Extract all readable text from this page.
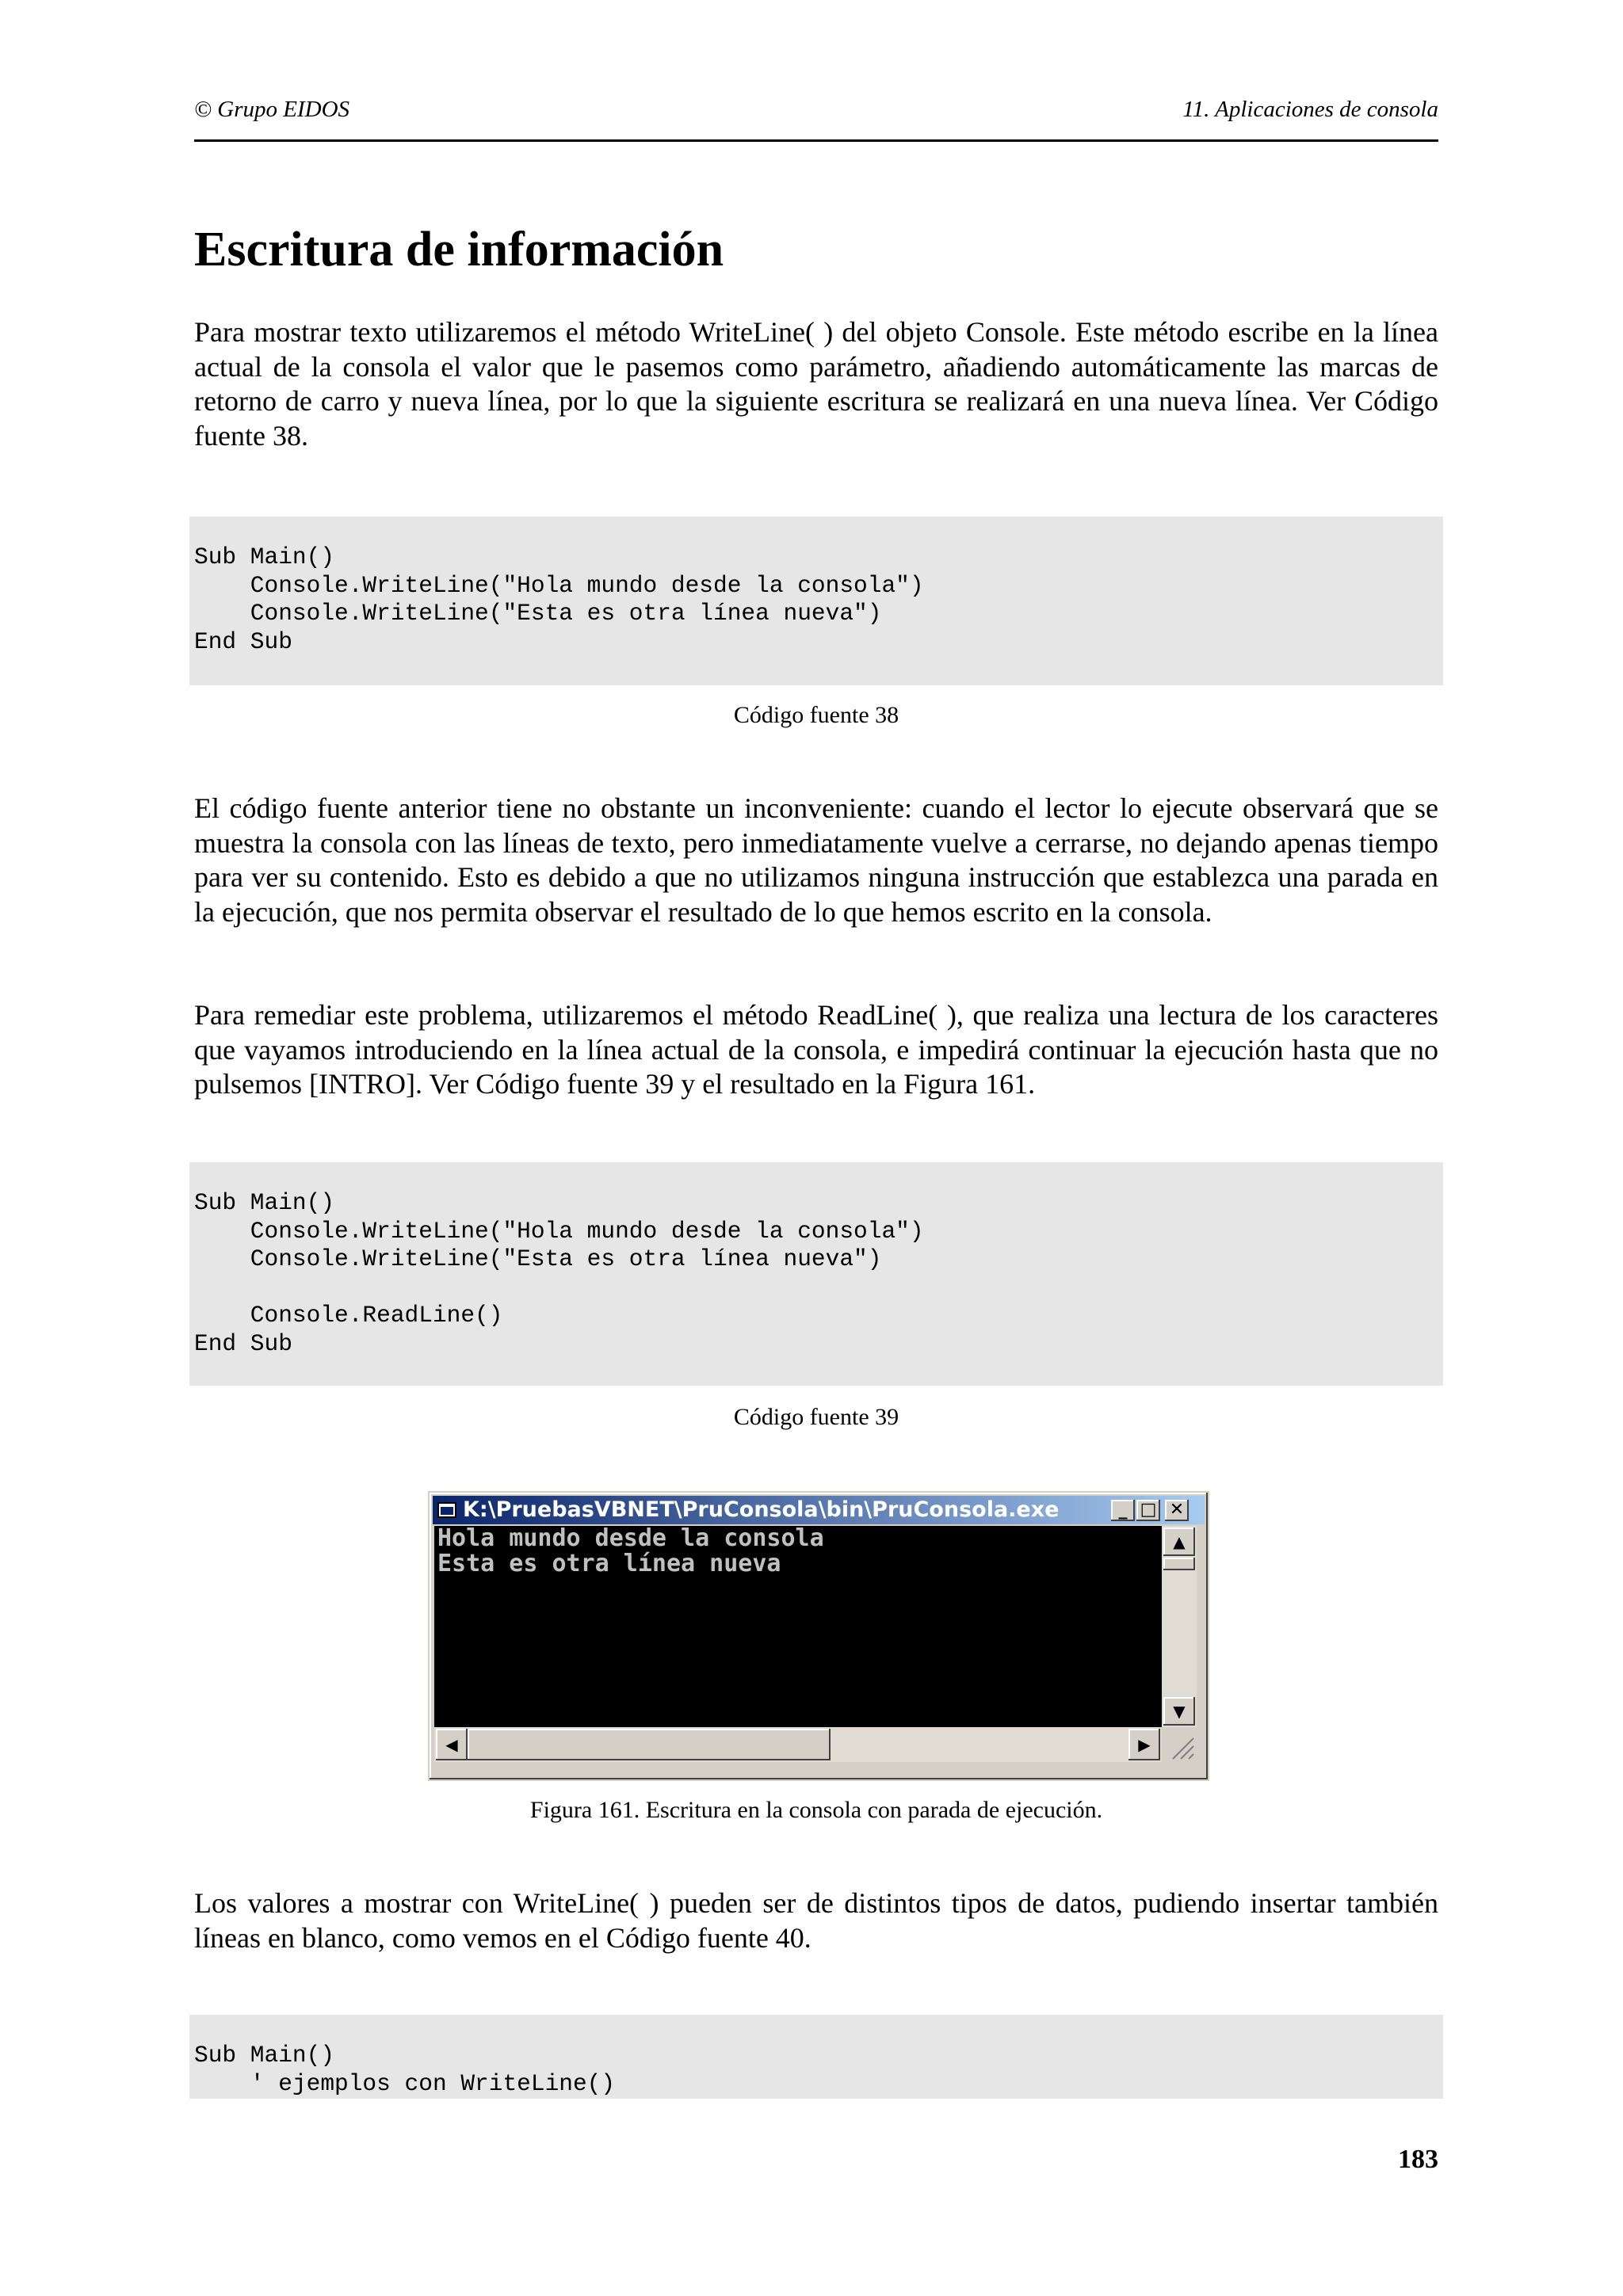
© Grupo EIDOS	11. Aplicaciones de consola
Escritura de información

Para mostrar texto utilizaremos el método WriteLine( ) del objeto Console. Este método escribe en la línea actual de la consola el valor que le pasemos como parámetro, añadiendo automáticamente las marcas de retorno de carro y nueva línea, por lo que la siguiente escritura se realizará en una nueva línea. Ver Código fuente 38.

Sub Main()
Console.WriteLine("Hola mundo desde la consola")
Console.WriteLine("Esta es otra línea nueva")
End Sub
Código fuente 38

El código fuente anterior tiene no obstante un inconveniente: cuando el lector lo ejecute observará que se muestra la consola con las líneas de texto, pero inmediatamente vuelve a cerrarse, no dejando apenas tiempo para ver su contenido. Esto es debido a que no utilizamos ninguna instrucción que establezca una parada en la ejecución, que nos permita observar el resultado de lo que hemos escrito en la consola.

Para remediar este problema, utilizaremos el método ReadLine( ), que realiza una lectura de los caracteres que vayamos introduciendo en la línea actual de la consola, e impedirá continuar la ejecución hasta que no pulsemos [INTRO]. Ver Código fuente 39 y el resultado en la Figura 161.

Sub Main()
Console.WriteLine("Hola mundo desde la consola")
Console.WriteLine("Esta es otra línea nueva")

Console.ReadLine()
End Sub
Código fuente 39
K:\PruebasVBNET\PruConsola\bin\PruConsola.exe	_ □ ✕
Hola mundo desde la consola
Esta es otra línea nueva
▲
▼
◀	▶
Figura 161. Escritura en la consola con parada de ejecución.

Los valores a mostrar con WriteLine( ) pueden ser de distintos tipos de datos, pudiendo insertar también líneas en blanco, como vemos en el Código fuente 40.

Sub Main()
' ejemplos con WriteLine()
183
